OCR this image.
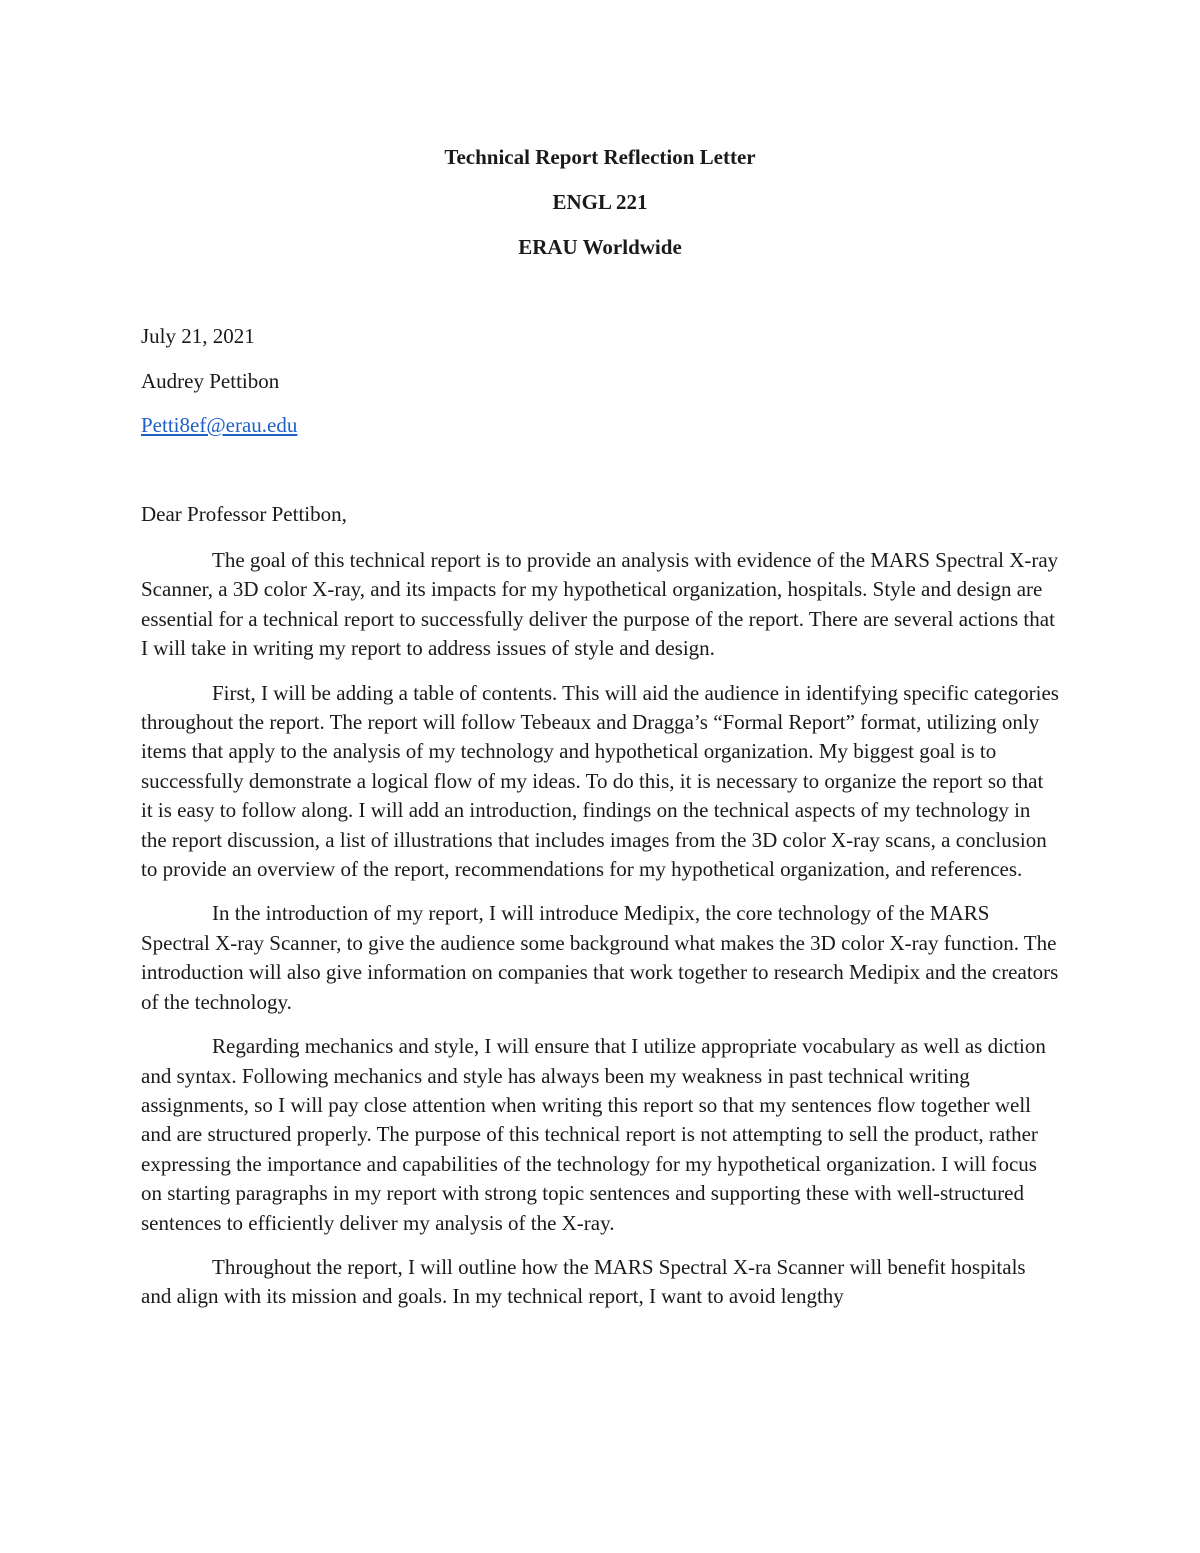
Technical Report Reflection Letter
ENGL 221
ERAU Worldwide
July 21, 2021
Audrey Pettibon
Petti8ef@erau.edu
Dear Professor Pettibon,

The goal of this technical report is to provide an analysis with evidence of the MARS Spectral X-ray Scanner, a 3D color X-ray, and its impacts for my hypothetical organization, hospitals. Style and design are essential for a technical report to successfully deliver the purpose of the report. There are several actions that I will take in writing my report to address issues of style and design.

First, I will be adding a table of contents. This will aid the audience in identifying specific categories throughout the report. The report will follow Tebeaux and Dragga’s “Formal Report” format, utilizing only items that apply to the analysis of my technology and hypothetical organization. My biggest goal is to successfully demonstrate a logical flow of my ideas. To do this, it is necessary to organize the report so that it is easy to follow along. I will add an introduction, findings on the technical aspects of my technology in the report discussion, a list of illustrations that includes images from the 3D color X-ray scans, a conclusion to provide an overview of the report, recommendations for my hypothetical organization, and references.

In the introduction of my report, I will introduce Medipix, the core technology of the MARS Spectral X-ray Scanner, to give the audience some background what makes the 3D color X-ray function. The introduction will also give information on companies that work together to research Medipix and the creators of the technology.

Regarding mechanics and style, I will ensure that I utilize appropriate vocabulary as well as diction and syntax. Following mechanics and style has always been my weakness in past technical writing assignments, so I will pay close attention when writing this report so that my sentences flow together well and are structured properly. The purpose of this technical report is not attempting to sell the product, rather expressing the importance and capabilities of the technology for my hypothetical organization. I will focus on starting paragraphs in my report with strong topic sentences and supporting these with well-structured sentences to efficiently deliver my analysis of the X-ray.

Throughout the report, I will outline how the MARS Spectral X-ra Scanner will benefit hospitals and align with its mission and goals. In my technical report, I want to avoid lengthy
